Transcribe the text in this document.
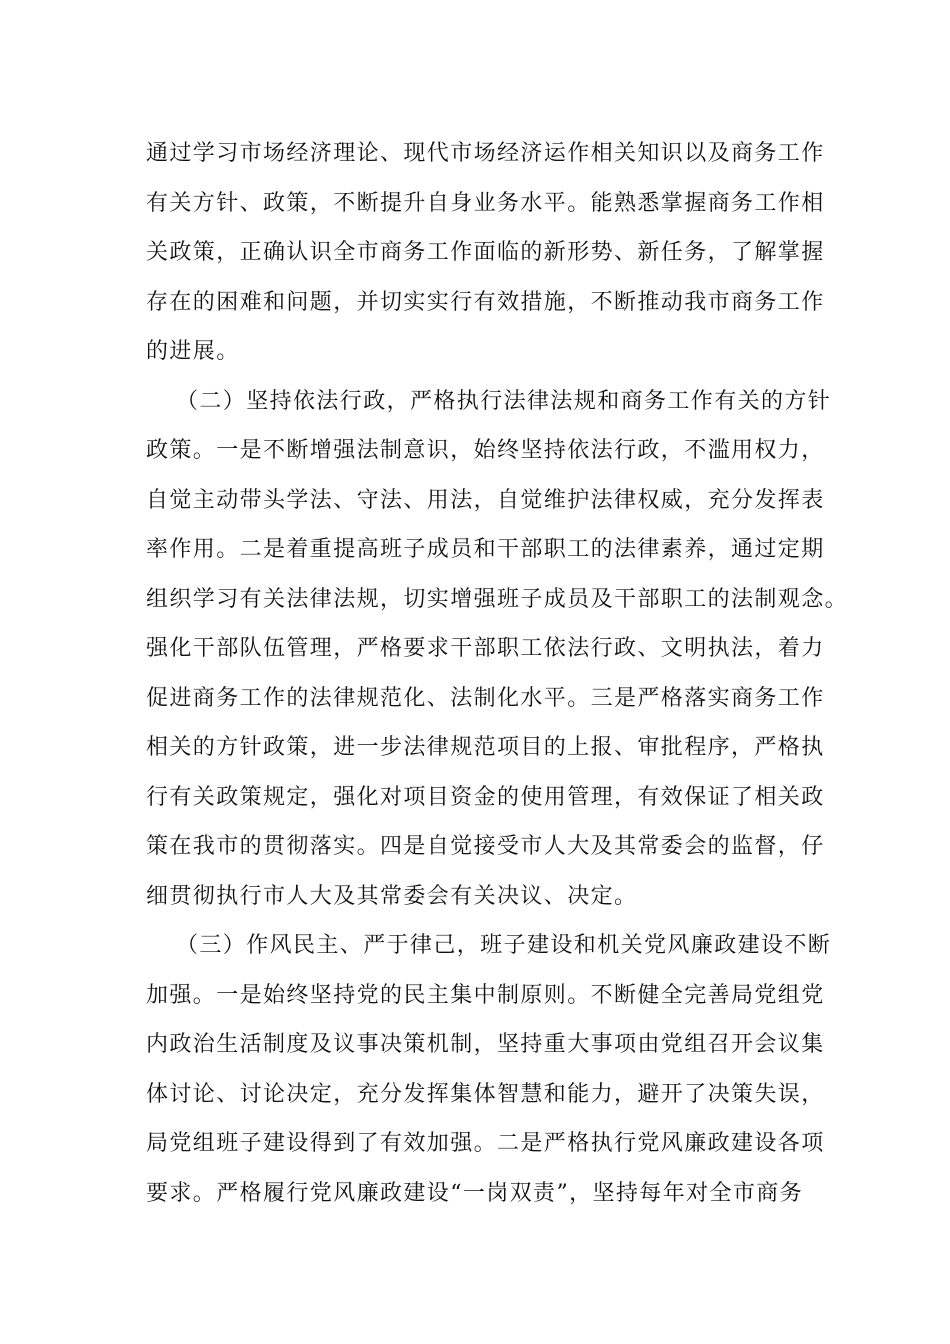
通过学习市场经济理论、现代市场经济运作相关知识以及商务工作
有关方针、政策，不断提升自身业务水平。能熟悉掌握商务工作相
关政策，正确认识全市商务工作面临的新形势、新任务，了解掌握
存在的困难和问题，并切实实行有效措施，不断推动我市商务工作
的进展。
（二）坚持依法行政，严格执行法律法规和商务工作有关的方针
政策。一是不断增强法制意识，始终坚持依法行政，不滥用权力，
自觉主动带头学法、守法、用法，自觉维护法律权威，充分发挥表
率作用。二是着重提高班子成员和干部职工的法律素养，通过定期
组织学习有关法律法规，切实增强班子成员及干部职工的法制观念。
强化干部队伍管理，严格要求干部职工依法行政、文明执法，着力
促进商务工作的法律规范化、法制化水平。三是严格落实商务工作
相关的方针政策，进一步法律规范项目的上报、审批程序，严格执
行有关政策规定，强化对项目资金的使用管理，有效保证了相关政
策在我市的贯彻落实。四是自觉接受市人大及其常委会的监督，仔
细贯彻执行市人大及其常委会有关决议、决定。
（三）作风民主、严于律己，班子建设和机关党风廉政建设不断
加强。一是始终坚持党的民主集中制原则。不断健全完善局党组党
内政治生活制度及议事决策机制，坚持重大事项由党组召开会议集
体讨论、讨论决定，充分发挥集体智慧和能力，避开了决策失误，
局党组班子建设得到了有效加强。二是严格执行党风廉政建设各项
要求。严格履行党风廉政建设“一岗双责”，坚持每年对全市商务
